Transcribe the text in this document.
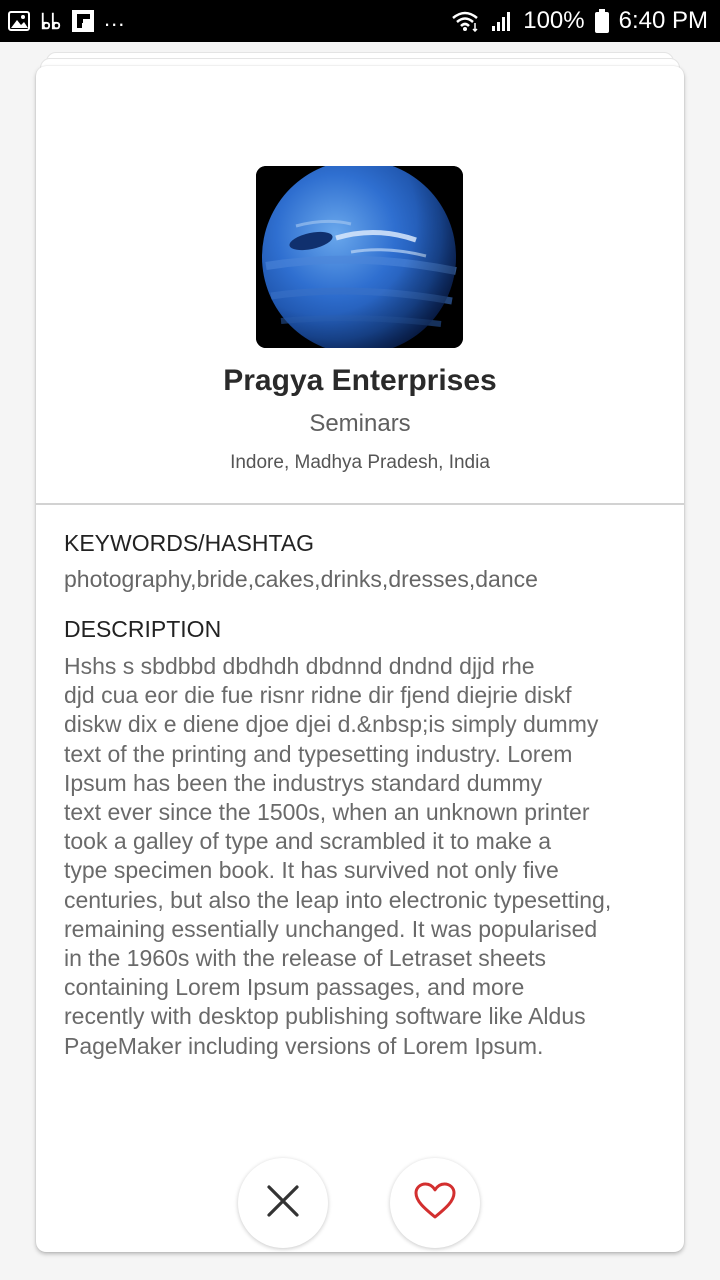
...	100% 6:40 PM
Pragya Enterprises
Seminars
Indore, Madhya Pradesh, India

KEYWORDS/HASHTAG

photography,bride,cakes,drinks,dresses,dance

DESCRIPTION

Hshs s sbdbbd dbdhdh dbdnnd dndnd djjd rhe
djd cua eor die fue risnr ridne dir fjend diejrie diskf
diskw dix e diene djoe djei d.&nbsp;is simply dummy
text of the printing and typesetting industry. Lorem
Ipsum has been the industrys standard dummy
text ever since the 1500s, when an unknown printer
took a galley of type and scrambled it to make a
type specimen book. It has survived not only five
centuries, but also the leap into electronic typesetting,
remaining essentially unchanged. It was popularised
in the 1960s with the release of Letraset sheets
containing Lorem Ipsum passages, and more
recently with desktop publishing software like Aldus
PageMaker including versions of Lorem Ipsum.
